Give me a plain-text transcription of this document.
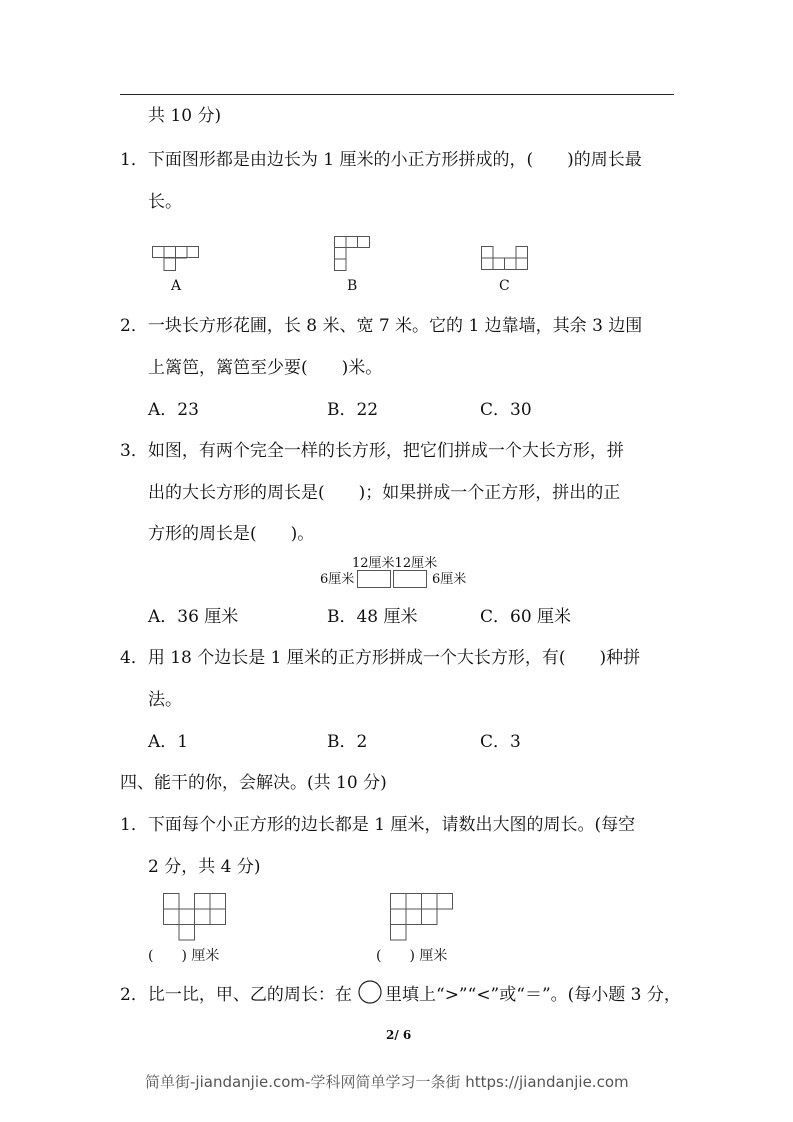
共 10 分)
1．下面图形都是由边长为 1 厘米的小正方形拼成的，(　　)的周长最
长。
A	B	C
2．一块长方形花圃，长 8 米、宽 7 米。它的 1 边靠墙，其余 3 边围
上篱笆，篱笆至少要(　　)米。
A．23	B．22	C．30
3．如图，有两个完全一样的长方形，把它们拼成一个大长方形，拼
出的大长方形的周长是(　　)；如果拼成一个正方形，拼出的正
方形的周长是(　　)。
12厘米12厘米
6厘米	6厘米
A．36 厘米	B．48 厘米	C．60 厘米
4．用 18 个边长是 1 厘米的正方形拼成一个大长方形，有(　　)种拼
法。
A．1	B．2	C．3
四、能干的你，会解决。(共 10 分)
1．下面每个小正方形的边长都是 1 厘米，请数出大图的周长。(每空
2 分，共 4 分)
(　　) 厘米	(　　) 厘米
2．比一比，甲、乙的周长：在 里填上“>”“<”或“＝”。(每小题 3 分，
2/ 6
简单街-jiandanjie.com-学科网简单学习一条街 https://jiandanjie.com
